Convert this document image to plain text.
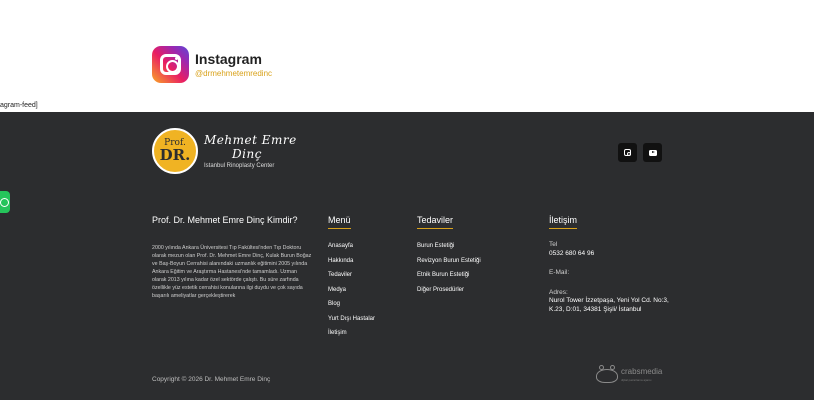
Instagram
@drmehmetemredinc
agram-feed]
Prof.
DR.
Mehmet Emre
Dinç
Istanbul Rinoplasty Center
Prof. Dr. Mehmet Emre Dinç Kimdir?

2000 yılında Ankara Üniversitesi Tıp Fakültesi'nden Tıp Doktoru olarak mezun olan Prof. Dr. Mehmet Emre Dinç, Kulak Burun Boğaz ve Baş-Boyun Cerrahisi alanındaki uzmanlık eğitimini 2005 yılında Ankara Eğitim ve Araştırma Hastanesi'nde tamamladı. Uzman olarak 2013 yılına kadar özel sektörde çalıştı. Bu süre zarfında özellikle yüz estetik cerrahisi konularına ilgi duydu ve çok sayıda başarılı ameliyatlar gerçekleştirerek

Menü
Anasayfa
Hakkında
Tedaviler
Medya
Blog
Yurt Dışı Hastalar
İletişim
Tedaviler
Burun Estetiği
Revizyon Burun Estetiği
Etnik Burun Estetiği
Diğer Prosedürler
İletişim
Tel
0532 680 64 96
E-Mail:
Adres:
Nurol Tower İzzetpaşa, Yeni Yol Cd. No:3, K.23, D:01, 34381 Şişli/ İstanbul
Copyright © 2026 Dr. Mehmet Emre Dinç
crabsmedia
dijital pazarlama ajansı
